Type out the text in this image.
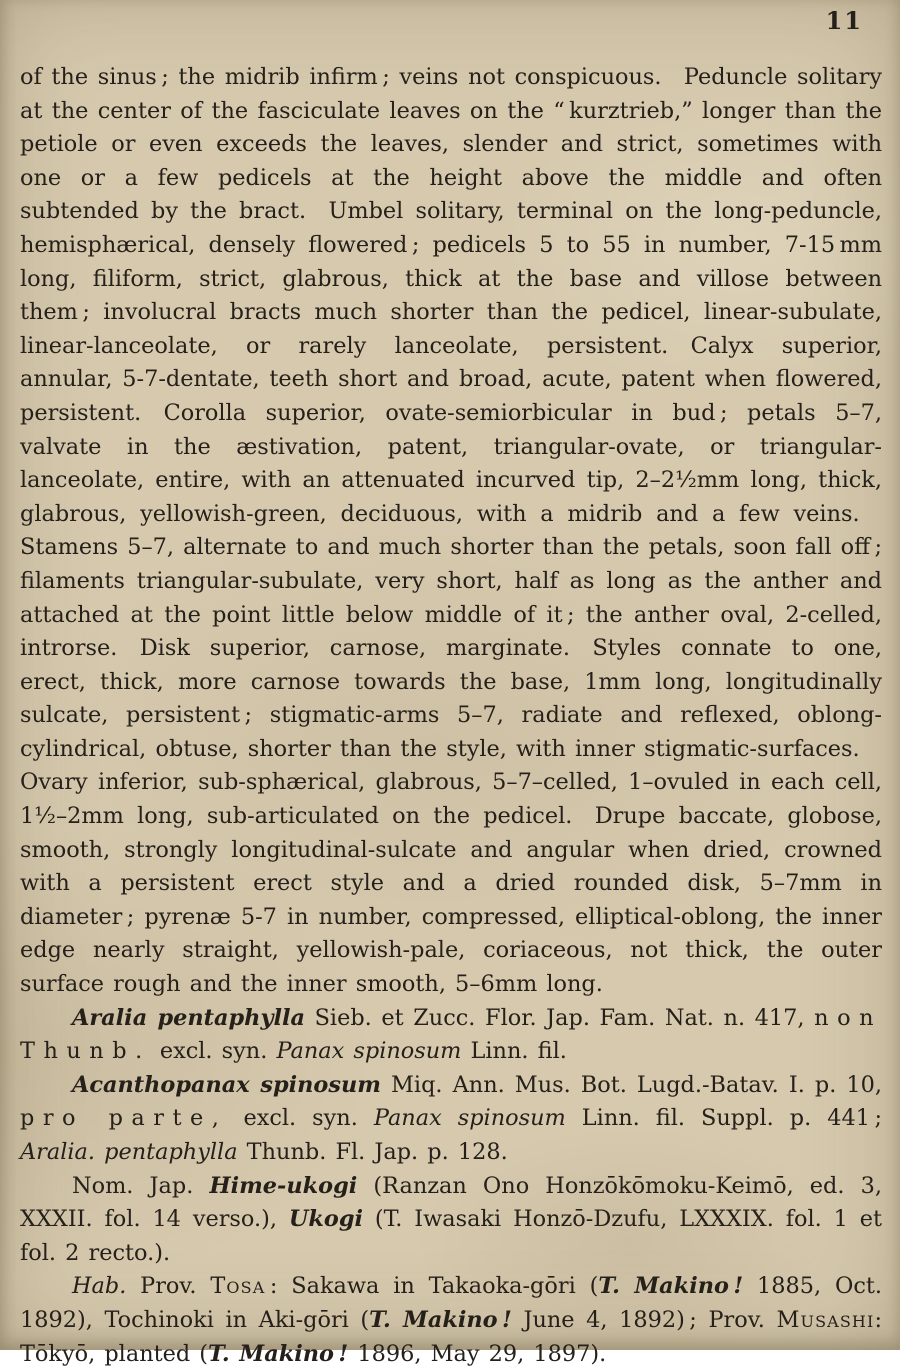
11

of the sinus ; the midrib infirm ; veins not conspicuous. Peduncle solitary at the center of the fasciculate leaves on the “ kurztrieb,” longer than the petiole or even exceeds the leaves, slender and strict, sometimes with one or a few pedicels at the height above the middle and often subtended by the bract. Umbel solitary, terminal on the long-peduncle, hemisphærical, densely flowered ; pedicels 5 to 55 in number, 7-15 mm long, filiform, strict, glabrous, thick at the base and villose between them ; involucral bracts much shorter than the pedicel, linear-subulate, linear-lanceolate, or rarely lanceolate, persistent. Calyx superior, annular, 5-7-dentate, teeth short and broad, acute, patent when flowered, persistent. Corolla superior, ovate-semiorbicular in bud ; petals 5–7, valvate in the æstivation, patent, triangular-ovate, or triangular-lanceolate, entire, with an attenuated incurved tip, 2–2½mm long, thick, glabrous, yellowish-green, deciduous, with a midrib and a few veins. Stamens 5–7, alternate to and much shorter than the petals, soon fall off ; filaments triangular-subulate, very short, half as long as the anther and attached at the point little below middle of it ; the anther oval, 2-celled, introrse. Disk superior, carnose, marginate. Styles connate to one, erect, thick, more carnose towards the base, 1mm long, longitudinally sulcate, persistent ; stigmatic-arms 5–7, radiate and reflexed, oblong-cylindrical, obtuse, shorter than the style, with inner stigmatic-surfaces. Ovary inferior, sub-sphærical, glabrous, 5–7–celled, 1–ovuled in each cell, 1½–2mm long, sub-articulated on the pedicel. Drupe baccate, globose, smooth, strongly longitudinal-sulcate and angular when dried, crowned with a persistent erect style and a dried rounded disk, 5–7mm in diameter ; pyrenæ 5-7 in number, compressed, elliptical-oblong, the inner edge nearly straight, yellowish-pale, coriaceous, not thick, the outer surface rough and the inner smooth, 5–6mm long.

Aralia pentaphylla Sieb. et Zucc. Flor. Jap. Fam. Nat. n. 417, non Thunb. excl. syn. Panax spinosum Linn. fil.

Acanthopanax spinosum Miq. Ann. Mus. Bot. Lugd.-Batav. I. p. 10, pro parte, excl. syn. Panax spinosum Linn. fil. Suppl. p. 441 ; Aralia. pentaphylla Thunb. Fl. Jap. p. 128.

Nom. Jap. Hime-ukogi (Ranzan Ono Honzōkōmoku-Keimō, ed. 3, XXXII. fol. 14 verso.), Ukogi (T. Iwasaki Honzō-Dzufu, LXXXIX. fol. 1 et fol. 2 recto.).

Hab. Prov. Tosa : Sakawa in Takaoka-gōri (T. Makino ! 1885, Oct. 1892), Tochinoki in Aki-gōri (T. Makino ! June 4, 1892) ; Prov. Musashi: Tōkyō, planted (T. Makino ! 1896, May 29, 1897).
